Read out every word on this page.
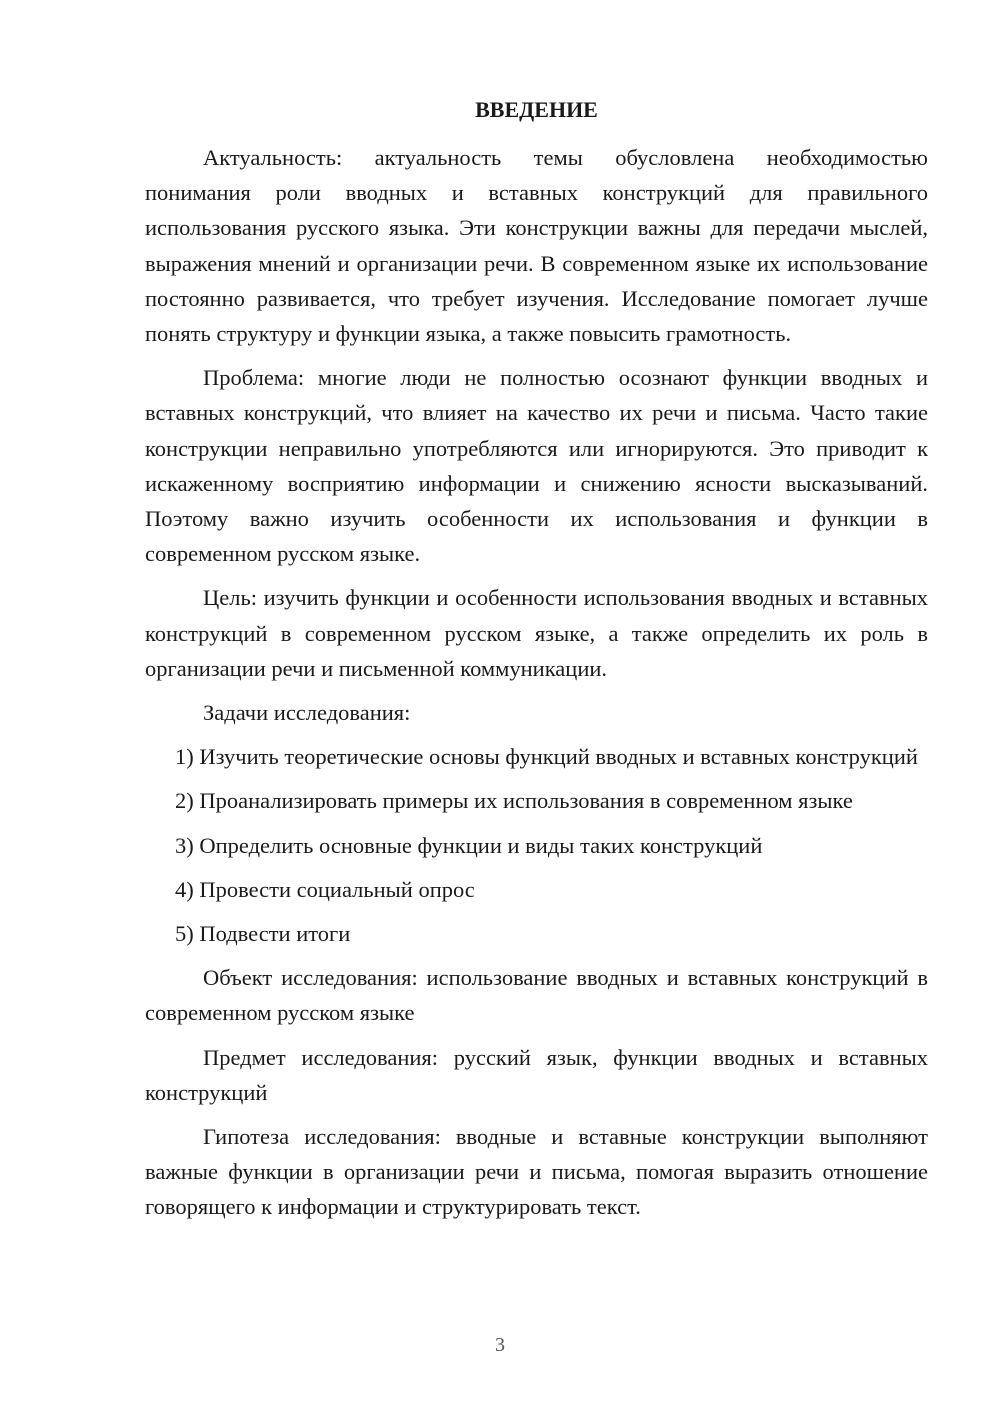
ВВЕДЕНИЕ

Актуальность: актуальность темы обусловлена необходимостью понимания роли вводных и вставных конструкций для правильного использования русского языка. Эти конструкции важны для передачи мыслей, выражения мнений и организации речи. В современном языке их использование постоянно развивается, что требует изучения. Исследование помогает лучше понять структуру и функции языка, а также повысить грамотность.

Проблема: многие люди не полностью осознают функции вводных и вставных конструкций, что влияет на качество их речи и письма. Часто такие конструкции неправильно употребляются или игнорируются. Это приводит к искаженному восприятию информации и снижению ясности высказываний. Поэтому важно изучить особенности их использования и функции в современном русском языке.

Цель: изучить функции и особенности использования вводных и вставных конструкций в современном русском языке, а также определить их роль в организации речи и письменной коммуникации.

Задачи исследования:

1) Изучить теоретические основы функций вводных и вставных конструкций

2) Проанализировать примеры их использования в современном языке

3) Определить основные функции и виды таких конструкций

4) Провести социальный опрос

5) Подвести итоги

Объект исследования: использование вводных и вставных конструкций в современном русском языке

Предмет исследования: русский язык, функции вводных и вставных конструкций

Гипотеза исследования: вводные и вставные конструкции выполняют важные функции в организации речи и письма, помогая выразить отношение говорящего к информации и структурировать текст.

3
